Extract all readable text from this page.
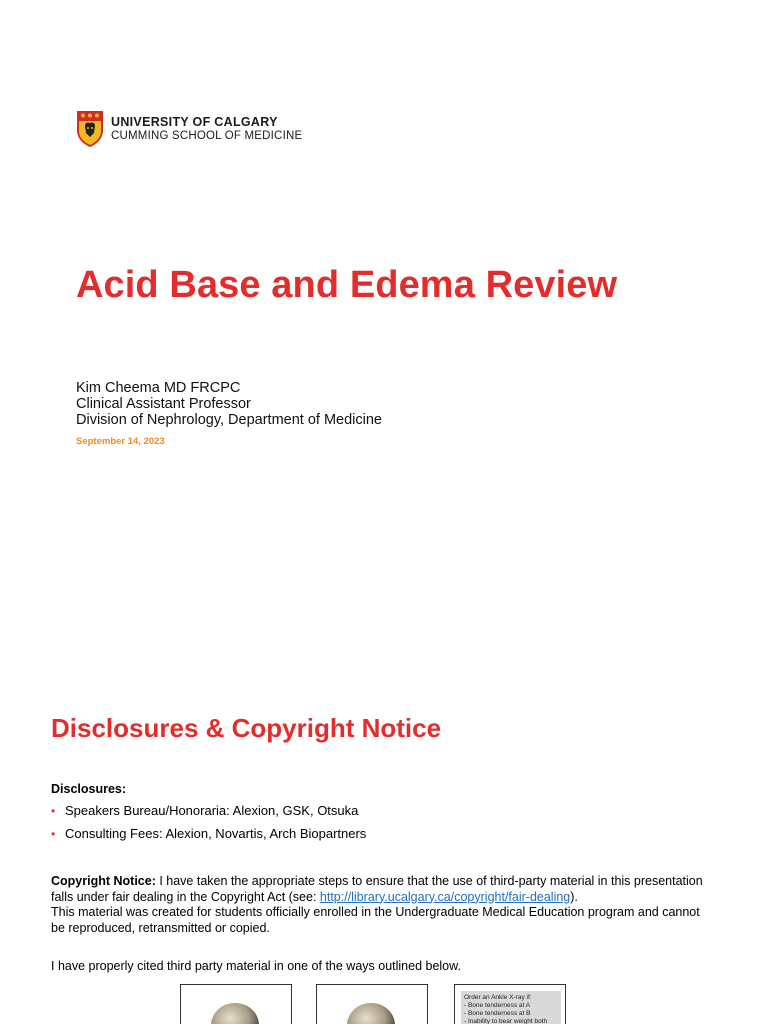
UNIVERSITY OF CALGARY
CUMMING SCHOOL OF MEDICINE
Acid Base and Edema Review
Kim Cheema MD FRCPC
Clinical Assistant Professor
Division of Nephrology, Department of Medicine
September 14, 2023
Disclosures & Copyright Notice
Disclosures:
• Speakers Bureau/Honoraria: Alexion, GSK, Otsuka
• Consulting Fees: Alexion, Novartis, Arch Biopartners
Copyright Notice: I have taken the appropriate steps to ensure that the use of third-party material in this presentation falls under fair dealing in the Copyright Act (see: http://library.ucalgary.ca/copyright/fair-dealing).
This material was created for students officially enrolled in the Undergraduate Medical Education program and cannot be reproduced, retransmitted or copied.
I have properly cited third party material in one of the ways outlined below.
Order an Ankle X-ray if:
- Bone tenderness at A
- Bone tenderness at B
- Inability to bear weight both
